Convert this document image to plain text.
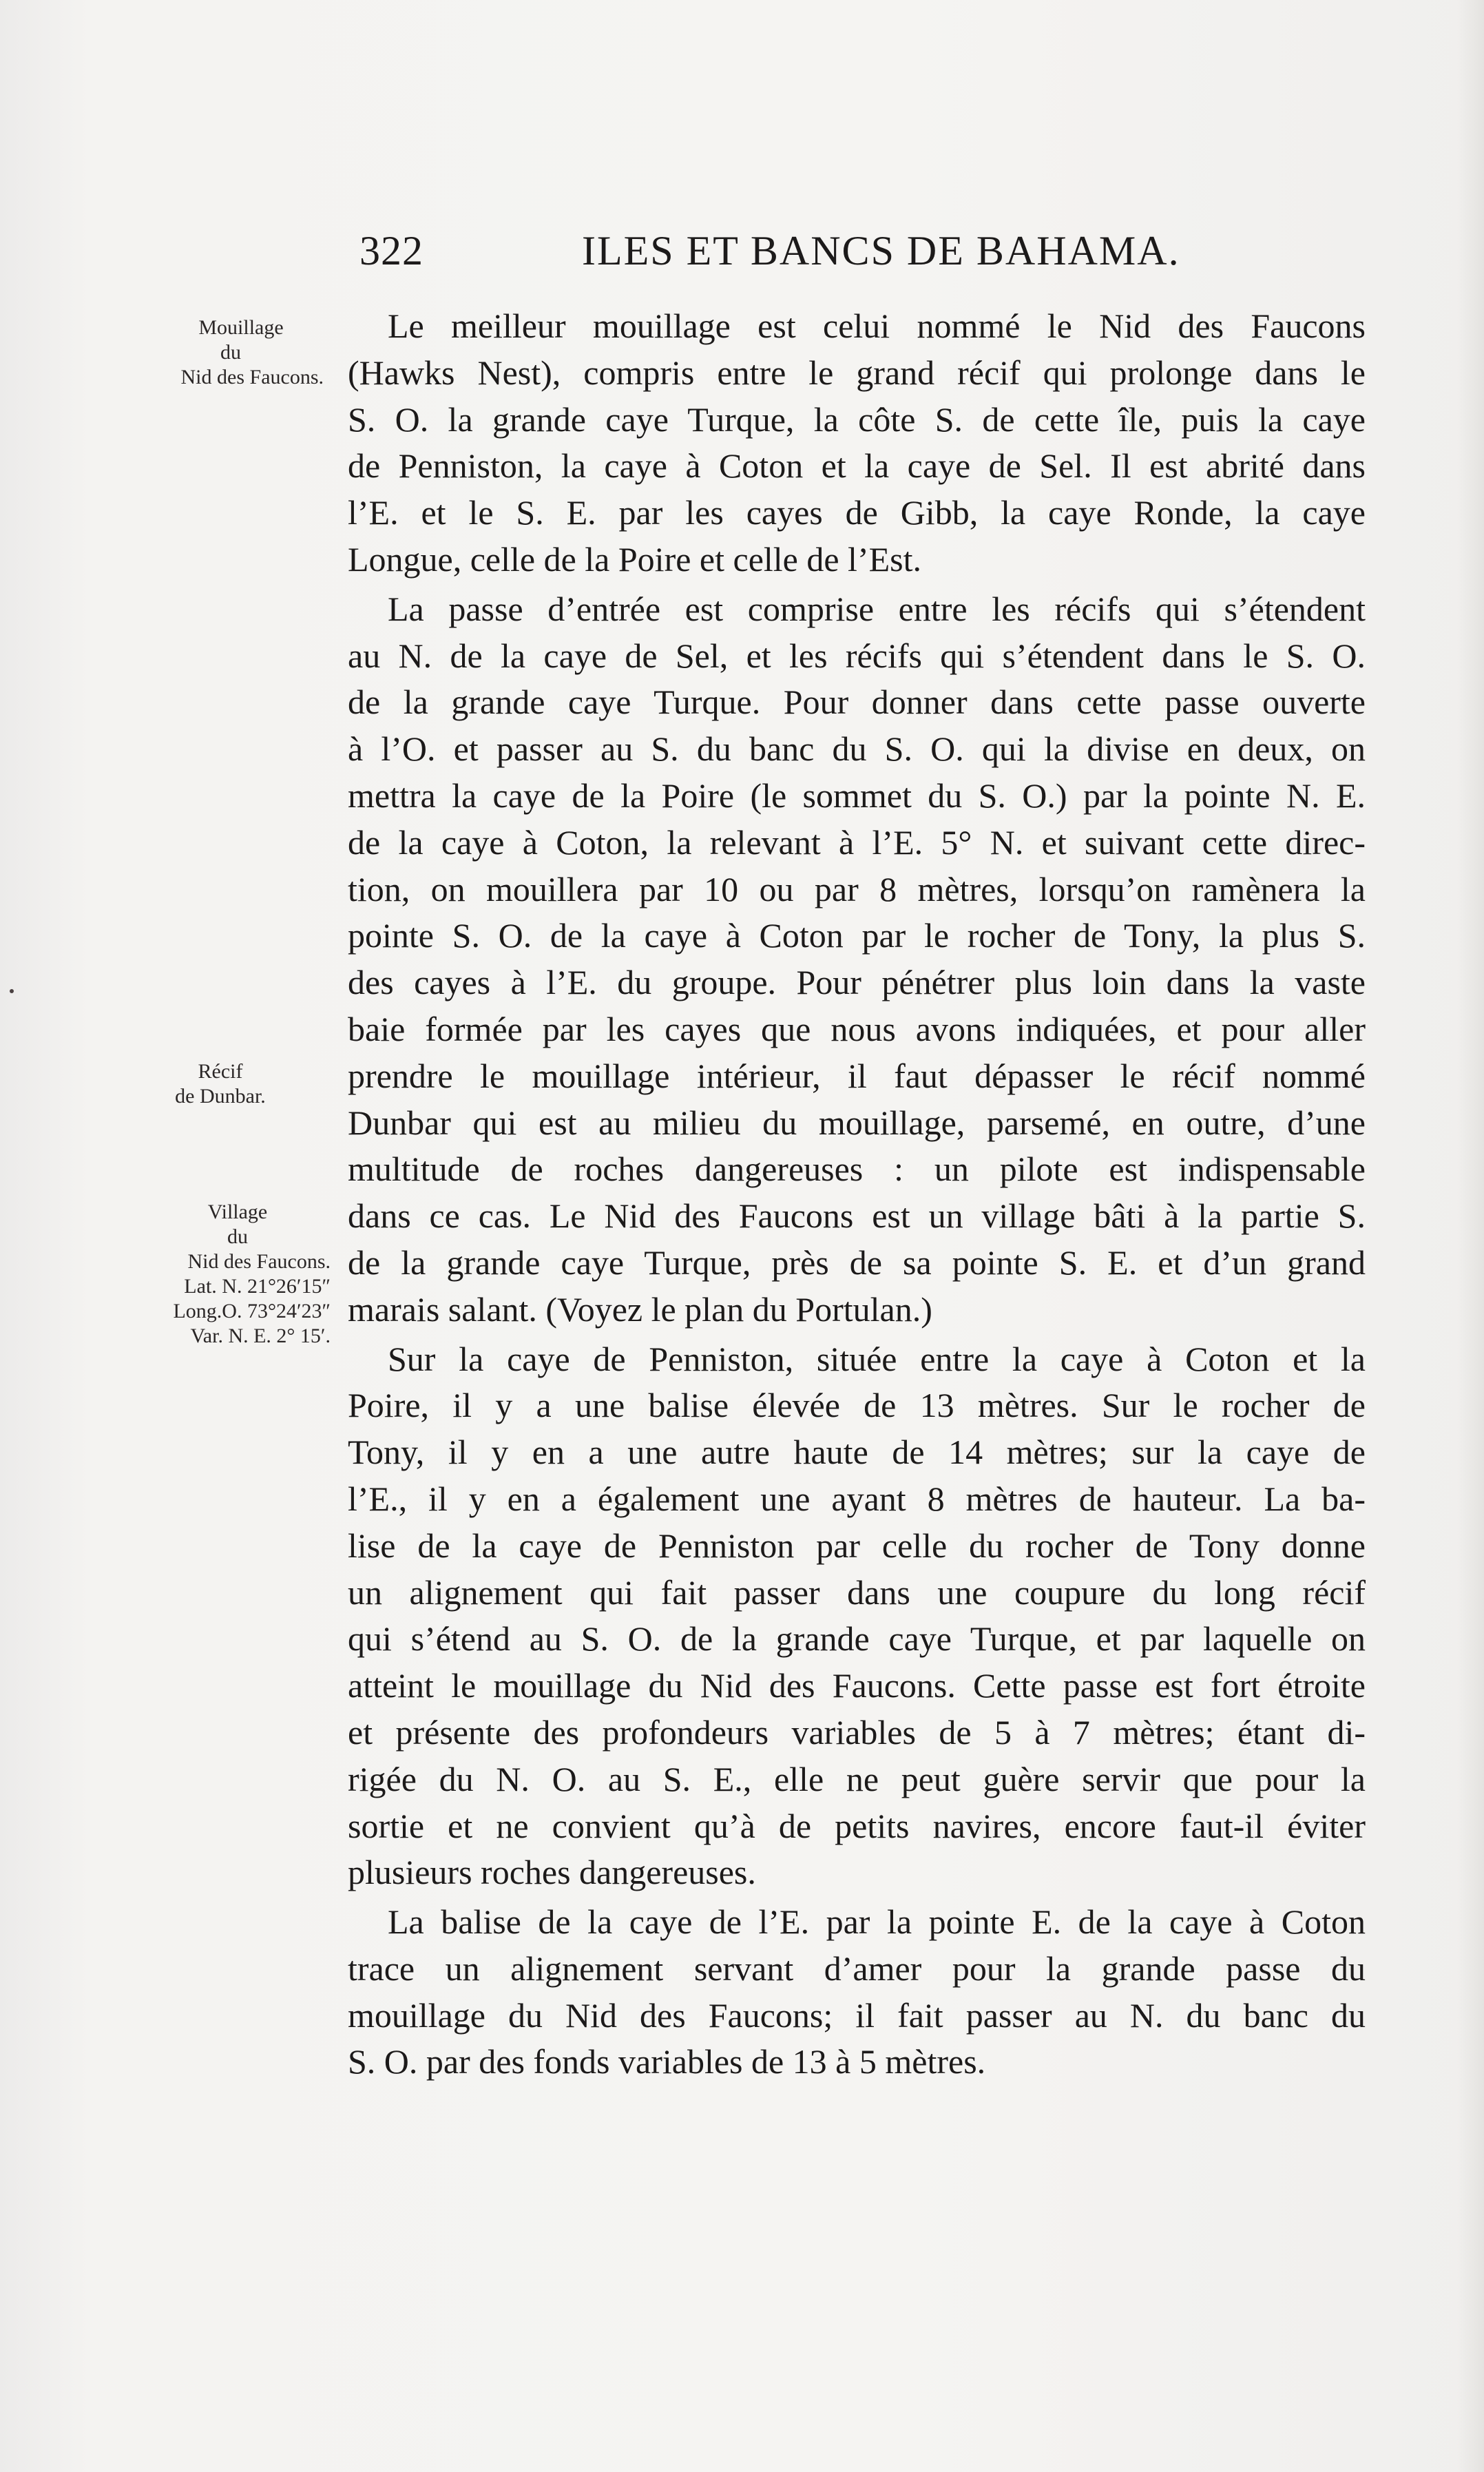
322	ILES ET BANCS DE BAHAMA.
Mouillage
du
Nid des Faucons.
Récif
de Dunbar.
Village
du
Nid des Faucons.
Lat. N. 21°26′15″
Long.O. 73°24′23″
Var. N. E. 2° 15′.
Le meilleur mouillage est celui nommé le Nid des Faucons
(Hawks Nest), compris entre le grand récif qui prolonge dans le
S. O. la grande caye Turque, la côte S. de cette île, puis la caye
de Penniston, la caye à Coton et la caye de Sel. Il est abrité dans
l’E. et le S. E. par les cayes de Gibb, la caye Ronde, la caye
Longue, celle de la Poire et celle de l’Est.
La passe d’entrée est comprise entre les récifs qui s’étendent
au N. de la caye de Sel, et les récifs qui s’étendent dans le S. O.
de la grande caye Turque. Pour donner dans cette passe ouverte
à l’O. et passer au S. du banc du S. O. qui la divise en deux, on
mettra la caye de la Poire (le sommet du S. O.) par la pointe N. E.
de la caye à Coton, la relevant à l’E. 5° N. et suivant cette direc-
tion, on mouillera par 10 ou par 8 mètres, lorsqu’on ramènera la
pointe S. O. de la caye à Coton par le rocher de Tony, la plus S.
des cayes à l’E. du groupe. Pour pénétrer plus loin dans la vaste
baie formée par les cayes que nous avons indiquées, et pour aller
prendre le mouillage intérieur, il faut dépasser le récif nommé
Dunbar qui est au milieu du mouillage, parsemé, en outre, d’une
multitude de roches dangereuses : un pilote est indispensable
dans ce cas. Le Nid des Faucons est un village bâti à la partie S.
de la grande caye Turque, près de sa pointe S. E. et d’un grand
marais salant. (Voyez le plan du Portulan.)
Sur la caye de Penniston, située entre la caye à Coton et la
Poire, il y a une balise élevée de 13 mètres. Sur le rocher de
Tony, il y en a une autre haute de 14 mètres; sur la caye de
l’E., il y en a également une ayant 8 mètres de hauteur. La ba-
lise de la caye de Penniston par celle du rocher de Tony donne
un alignement qui fait passer dans une coupure du long récif
qui s’étend au S. O. de la grande caye Turque, et par laquelle on
atteint le mouillage du Nid des Faucons. Cette passe est fort étroite
et présente des profondeurs variables de 5 à 7 mètres; étant di-
rigée du N. O. au S. E., elle ne peut guère servir que pour la
sortie et ne convient qu’à de petits navires, encore faut-il éviter
plusieurs roches dangereuses.
La balise de la caye de l’E. par la pointe E. de la caye à Coton
trace un alignement servant d’amer pour la grande passe du
mouillage du Nid des Faucons; il fait passer au N. du banc du
S. O. par des fonds variables de 13 à 5 mètres.
